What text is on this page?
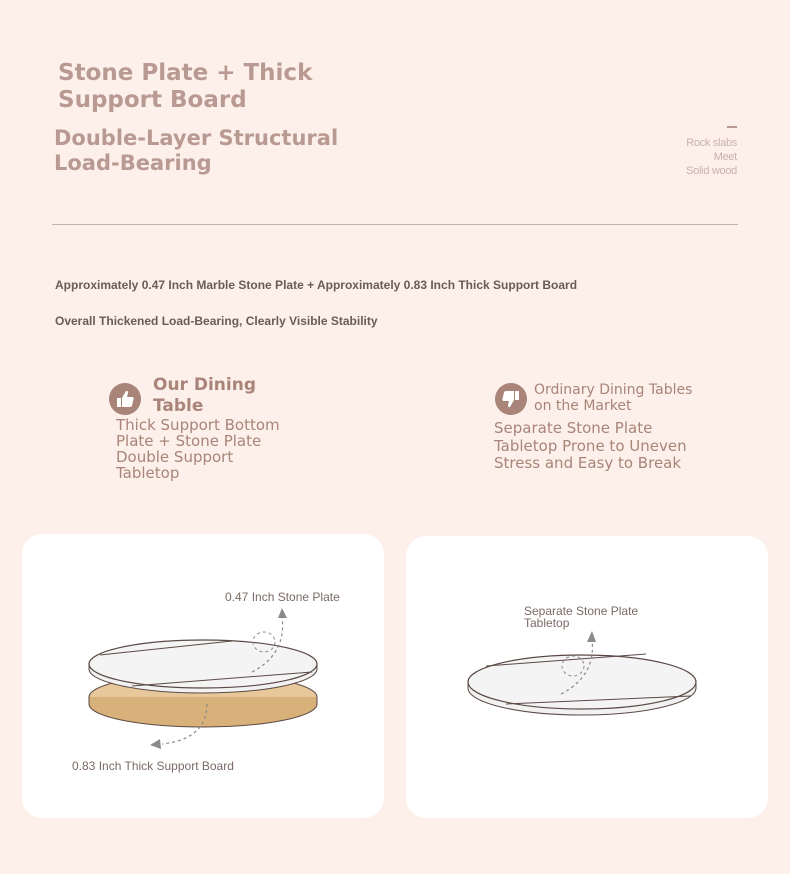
Stone Plate + Thick Support Board
Double-Layer Structural Load-Bearing
Rock slabs
Meet
Solid wood
Approximately 0.47 Inch Marble Stone Plate + Approximately 0.83 Inch Thick Support Board
Overall Thickened Load-Bearing, Clearly Visible Stability
Our Dining Table
Thick Support Bottom Plate + Stone Plate Double Support Tabletop
Ordinary Dining Tables on the Market
Separate Stone Plate Tabletop Prone to Uneven Stress and Easy to Break
0.47 Inch Stone Plate
0.83 Inch Thick Support Board
Separate Stone Plate Tabletop
